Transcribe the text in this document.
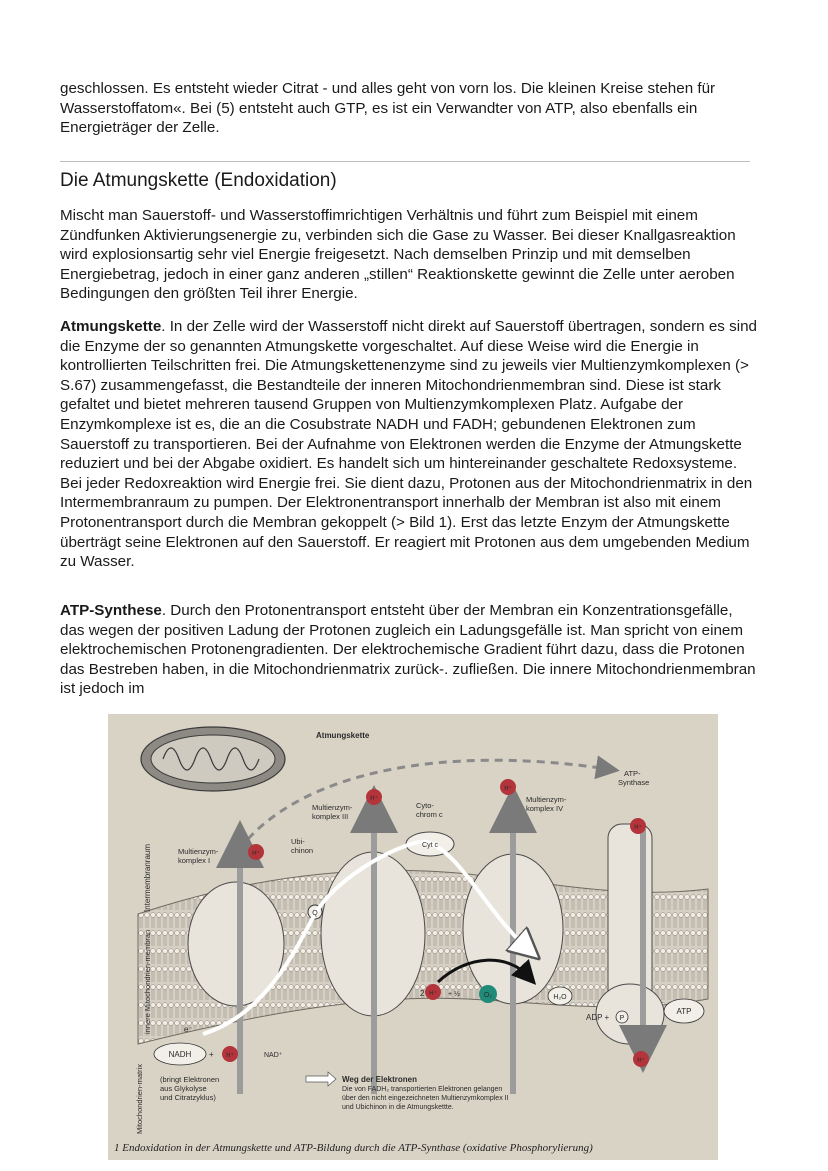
geschlossen. Es entsteht wieder Citrat - und alles geht von vorn los. Die kleinen Kreise stehen für Wasserstoffatom«. Bei (5) entsteht auch GTP, es ist ein Verwandter von ATP, also ebenfalls ein Energieträger der Zelle.

Die Atmungskette (Endoxidation)

Mischt man Sauerstoff- und Wasserstoffimrichtigen Verhältnis und führt zum Beispiel mit einem Zündfunken Aktivierungsenergie zu, verbinden sich die Gase zu Wasser. Bei dieser Knallgasreaktion wird explosionsartig sehr viel Energie freigesetzt. Nach demselben Prinzip und mit demselben Energiebetrag, jedoch in einer ganz anderen „stillen“ Reaktionskette gewinnt die Zelle unter aeroben Bedingungen den größten Teil ihrer Energie.

Atmungskette. In der Zelle wird der Wasserstoff nicht direkt auf Sauerstoff übertragen, sondern es sind die Enzyme der so genannten Atmungskette vorgeschaltet. Auf diese Weise wird die Energie in kontrollierten Teilschritten frei. Die Atmungskettenenzyme sind zu jeweils vier Multienzymkomplexen (> S.67) zusammengefasst, die Bestandteile der inneren Mitochondrienmembran sind. Diese ist stark gefaltet und bietet mehreren tausend Gruppen von Multienzymkomplexen Platz. Aufgabe der Enzymkomplexe ist es, die an die Cosubstrate NADH und FADH; gebundenen Elektronen zum Sauerstoff zu transportieren. Bei der Aufnahme von Elektronen werden die Enzyme der Atmungskette reduziert und bei der Abgabe oxidiert. Es handelt sich um hintereinander geschaltete Redoxsysteme. Bei jeder Redoxreaktion wird Energie frei. Sie dient dazu, Protonen aus der Mitochondrienmatrix in den Intermembranraum zu pumpen. Der Elektronentransport innerhalb der Membran ist also mit einem Protonentransport durch die Membran gekoppelt (> Bild 1). Erst das letzte Enzym der Atmungskette überträgt seine Elektronen auf den Sauerstoff. Er reagiert mit Protonen aus dem umgebenden Medium zu Wasser.

ATP-Synthese. Durch den Protonentransport entsteht über der Membran ein Konzentrationsgefälle, das wegen der positiven Ladung der Protonen zugleich ein Ladungsgefälle ist. Man spricht von einem elektrochemischen Protonengradienten. Der elektrochemische Gradient führt dazu, dass die Protonen das Bestreben haben, in die Mitochondrienmatrix zurück-. zufließen. Die innere Mitochondrienmembran ist jedoch im

H⁺
H⁺
H⁺
H⁺
H⁺
H⁺
H⁺
O₂	H₂O
2	+ ½
ADP + P
ATP
NADH +	NAD⁺
e⁻
Atmungskette
Multienzym-
komplex I
Ubi-
chinon
Q
Multienzym-
komplex III
Cyto-
chrom c
Cyt c
Multienzym-
komplex IV
ATP-
Synthase
Intermembranraum
innere Mitochondrien-membran
Mitochondrien-matrix (bringt Elektronen
aus Glykolyse
und Citratzyklus)
Weg der Elektronen
Die von FADH₂ transportierten Elektronen gelangen
über den nicht eingezeichneten Multienzymkomplex II
und Ubichinon in die Atmungskettte.
1 Endoxidation in der Atmungskette und ATP-Bildung durch die ATP-Synthase (oxidative Phosphorylierung)
